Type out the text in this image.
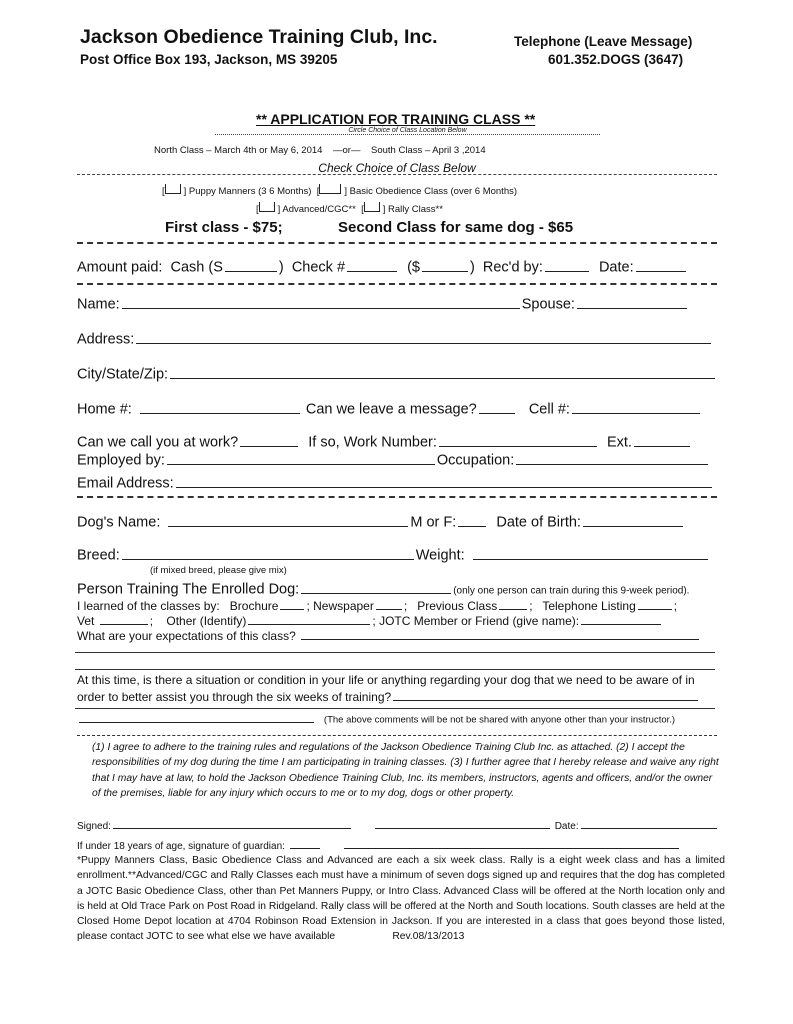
Jackson Obedience Training Club, Inc.
Post Office Box 193, Jackson, MS 39205
Telephone (Leave Message)
601.352.DOGS (3647)
** APPLICATION FOR TRAINING CLASS **
Circle Choice of Class Location Below
North Class – March 4th or May 6, 2014 —or— South Class – April 3 ,2014
Check Choice of Class Below
[ ] Puppy Manners (3 6 Months) [	] Basic Obedience Class (over 6 Months)
[ ] Advanced/CGC** [ ] Rally Class**
First class - $75;	Second Class for same dog - $65
Amount paid: Cash (S	) Check #	($	) Rec'd by:	Date:
Name:	Spouse:
Address:
City/State/Zip:
Home #:	Can we leave a message?	Cell #:
Can we call you at work?	If so, Work Number:	Ext.
Employed by:	Occupation:
Email Address:
Dog's Name:	M or F:	Date of Birth:
Breed:	Weight:
(if mixed breed, please give mix)
Person Training The Enrolled Dog:	(only one person can train during this 9-week period).
I learned of the classes by: Brochure ; Newspaper	;   Previous Class	;   Telephone Listing	;
Vet	;    Other (Identify)	; JOTC Member or Friend (give name):
What are your expectations of this class?
At this time, is there a situation or condition in your life or anything regarding your dog that we need to be aware of in
order to better assist you through the six weeks of training?
(The above comments will be not be shared with anyone other than your instructor.)
(1) I agree to adhere to the training rules and regulations of the Jackson Obedience Training Club Inc. as attached. (2) I accept the responsibilities of my dog during the time I am participating in training classes. (3) I further agree that I hereby release and waive any right that I may have at law, to hold the Jackson Obedience Training Club, Inc. its members, instructors, agents and officers, and/or the owner of the premises, liable for any injury which occurs to me or to my dog, dogs or other property.
Signed:	Date:
If under 18 years of age, signature of guardian:
*Puppy Manners Class, Basic Obedience Class and Advanced are each a six week class. Rally is a eight week class and has a limited enrollment.**Advanced/CGC and Rally Classes each must have a minimum of seven dogs signed up and requires that the dog has completed a JOTC Basic Obedience Class, other than Pet Manners Puppy, or Intro Class. Advanced Class will be offered at the North location only and is held at Old Trace Park on Post Road in Ridgeland. Rally class will be offered at the North and South locations. South classes are held at the Closed Home Depot location at 4704 Robinson Road Extension in Jackson. If you are interested in a class that goes beyond those listed, please contact JOTC to see what else we have available	Rev.08/13/2013
